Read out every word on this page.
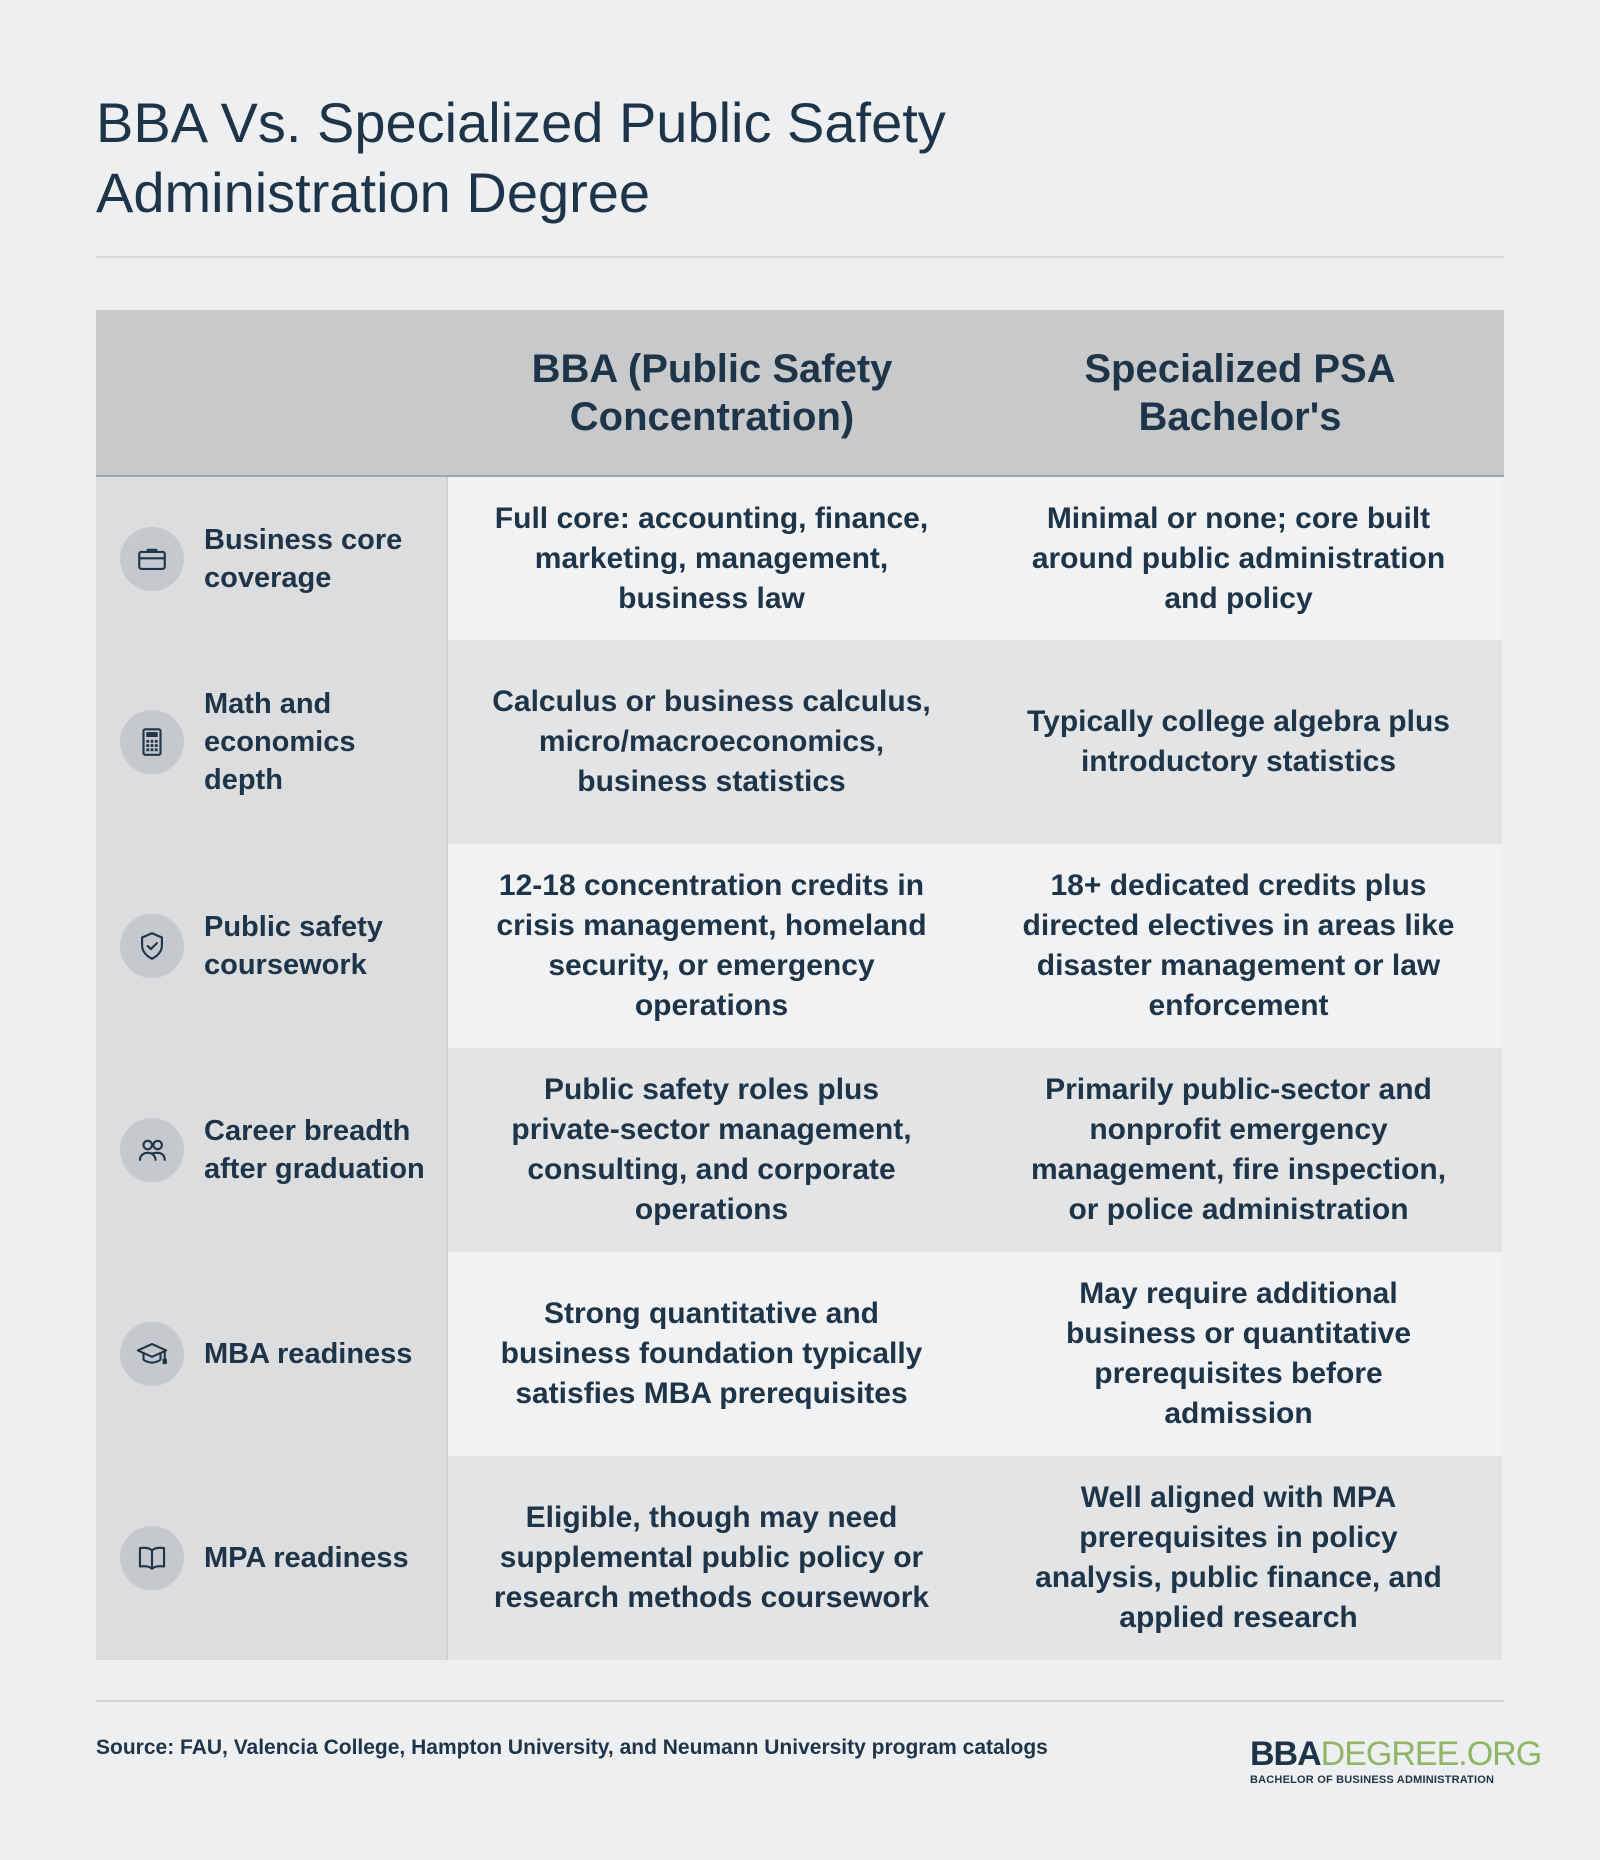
BBA Vs. Specialized Public Safety Administration Degree
BBA (Public Safety Concentration)
Specialized PSA Bachelor's
Business core coverage
Full core: accounting, finance, marketing, management, business law
Minimal or none; core built around public administration and policy
Math and economics depth
Calculus or business calculus, micro/macroeconomics, business statistics
Typically college algebra plus introductory statistics
Public safety coursework
12-18 concentration credits in crisis management, homeland security, or emergency operations
18+ dedicated credits plus directed electives in areas like disaster management or law enforcement
Career breadth after graduation
Public safety roles plus private-sector management, consulting, and corporate operations
Primarily public-sector and nonprofit emergency management, fire inspection, or police administration
MBA readiness
Strong quantitative and business foundation typically satisfies MBA prerequisites
May require additional business or quantitative prerequisites before admission
MPA readiness
Eligible, though may need supplemental public policy or research methods coursework
Well aligned with MPA prerequisites in policy analysis, public finance, and applied research
Source: FAU, Valencia College, Hampton University, and Neumann University program catalogs	BBADEGREE.ORG
BACHELOR OF BUSINESS ADMINISTRATION
